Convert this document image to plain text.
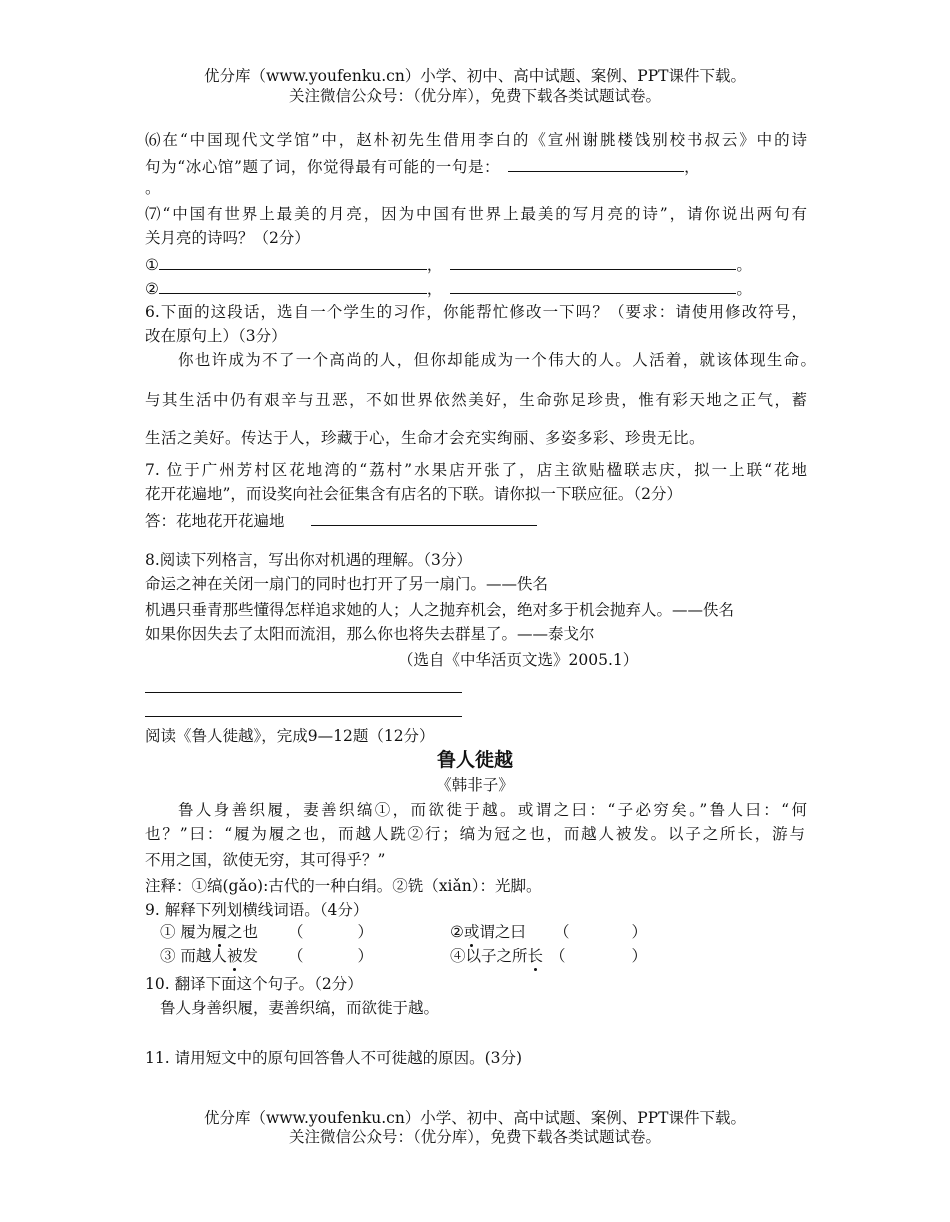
优分库（www.youfenku.cn）小学、初中、高中试题、案例、PPT课件下载。
关注微信公众号：（优分库），免费下载各类试题试卷。
⑹在“中国现代文学馆”中，赵朴初先生借用李白的《宣州谢朓楼饯别校书叔云》中的诗
句为“冰心馆”题了词，你觉得最有可能的一句是：	，
。
⑺“中国有世界上最美的月亮，因为中国有世界上最美的写月亮的诗”，请你说出两句有
关月亮的诗吗？（2分）
①	，	。
②	，	。
6.下面的这段话，选自一个学生的习作，你能帮忙修改一下吗？（要求：请使用修改符号，
改在原句上）（3分）
你也许成为不了一个高尚的人，但你却能成为一个伟大的人。人活着，就该体现生命。
与其生活中仍有艰辛与丑恶，不如世界依然美好，生命弥足珍贵，惟有彩天地之正气，蓄
生活之美好。传达于人，珍藏于心，生命才会充实绚丽、多姿多彩、珍贵无比。
7. 位于广州芳村区花地湾的“荔村”水果店开张了，店主欲贴楹联志庆，拟一上联“花地
花开花遍地”，而设奖向社会征集含有店名的下联。请你拟一下联应征。（2分）
答：花地花开花遍地
8.阅读下列格言，写出你对机遇的理解。（3分）
命运之神在关闭一扇门的同时也打开了另一扇门。——佚名
机遇只垂青那些懂得怎样追求她的人；人之抛弃机会，绝对多于机会抛弃人。——佚名
如果你因失去了太阳而流泪，那么你也将失去群星了。——泰戈尔
（选自《中华活页文选》2005.1）
阅读《鲁人徙越》，完成9—12题（12分）
鲁人徙越
《韩非子》
鲁人身善织履，妻善织缟①，而欲徙于越。或谓之曰：“子必穷矣。”鲁人曰：“何
也？”曰：“履为履之也，而越人跣②行；缟为冠之也，而越人被发。以子之所长，游与
不用之国，欲使无穷，其可得乎？”
注释：①缟(gǎo):古代的一种白绢。②铣（xiǎn）：光脚。
9. 解释下列划横线词语。（4分）
① 履为履之也 （	）	②或谓之曰 （	）
③ 而越人被发 （	）	④以子之所长 （	）
10. 翻译下面这个句子。（2分）
鲁人身善织履，妻善织缟，而欲徙于越。
11. 请用短文中的原句回答鲁人不可徙越的原因。(3分)
优分库（www.youfenku.cn）小学、初中、高中试题、案例、PPT课件下载。
关注微信公众号：（优分库），免费下载各类试题试卷。
